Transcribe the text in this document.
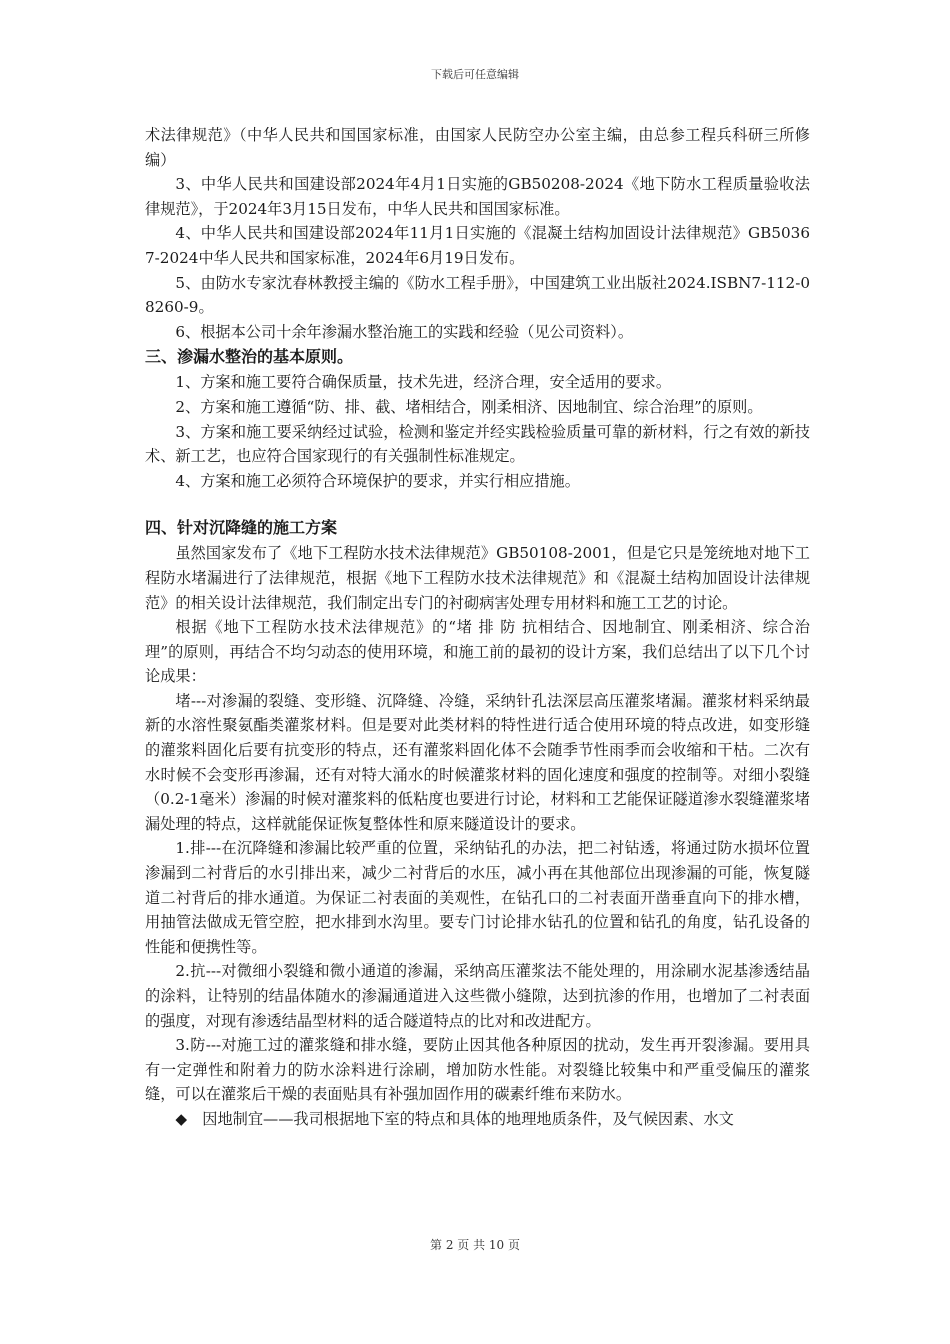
下载后可任意编辑

术法律规范》（中华人民共和国国家标准，由国家人民防空办公室主编，由总参工程兵科研三所修编）

3、中华人民共和国建设部2024年4月1日实施的GB50208-2024《地下防水工程质量验收法律规范》，于2024年3月15日发布，中华人民共和国国家标准。

4、中华人民共和国建设部2024年11月1日实施的《混凝土结构加固设计法律规范》GB50367-2024中华人民共和国家标准，2024年6月19日发布。

5、由防水专家沈春林教授主编的《防水工程手册》，中国建筑工业出版社2024.ISBN7-112-08260-9。

6、根据本公司十余年渗漏水整治施工的实践和经验（见公司资料）。

三、渗漏水整治的基本原则。

1、方案和施工要符合确保质量，技术先进，经济合理，安全适用的要求。

2、方案和施工遵循“防、排、截、堵相结合，刚柔相济、因地制宜、综合治理”的原则。

3、方案和施工要采纳经过试验，检测和鉴定并经实践检验质量可靠的新材料，行之有效的新技术、新工艺，也应符合国家现行的有关强制性标准规定。

4、方案和施工必须符合环境保护的要求，并实行相应措施。

四、针对沉降缝的施工方案

虽然国家发布了《地下工程防水技术法律规范》GB50108-2001，但是它只是笼统地对地下工程防水堵漏进行了法律规范，根据《地下工程防水技术法律规范》和《混凝土结构加固设计法律规范》的相关设计法律规范，我们制定出专门的衬砌病害处理专用材料和施工工艺的讨论。

根据《地下工程防水技术法律规范》的“堵 排 防 抗相结合、因地制宜、刚柔相济、综合治理”的原则，再结合不均匀动态的使用环境，和施工前的最初的设计方案，我们总结出了以下几个讨论成果：

堵---对渗漏的裂缝、变形缝、沉降缝、冷缝，采纳针孔法深层高压灌浆堵漏。灌浆材料采纳最新的水溶性聚氨酯类灌浆材料。但是要对此类材料的特性进行适合使用环境的特点改进，如变形缝的灌浆料固化后要有抗变形的特点，还有灌浆料固化体不会随季节性雨季而会收缩和干枯。二次有水时候不会变形再渗漏，还有对特大涌水的时候灌浆材料的固化速度和强度的控制等。对细小裂缝（0.2-1毫米）渗漏的时候对灌浆料的低粘度也要进行讨论，材料和工艺能保证隧道渗水裂缝灌浆堵漏处理的特点，这样就能保证恢复整体性和原来隧道设计的要求。

1.排---在沉降缝和渗漏比较严重的位置，采纳钻孔的办法，把二衬钻透，将通过防水损坏位置渗漏到二衬背后的水引排出来，减少二衬背后的水压，减小再在其他部位出现渗漏的可能，恢复隧道二衬背后的排水通道。为保证二衬表面的美观性，在钻孔口的二衬表面开凿垂直向下的排水槽，用抽管法做成无管空腔，把水排到水沟里。要专门讨论排水钻孔的位置和钻孔的角度，钻孔设备的性能和便携性等。

2.抗---对微细小裂缝和微小通道的渗漏，采纳高压灌浆法不能处理的，用涂刷水泥基渗透结晶的涂料，让特别的结晶体随水的渗漏通道进入这些微小缝隙，达到抗渗的作用，也增加了二衬表面的强度，对现有渗透结晶型材料的适合隧道特点的比对和改进配方。

3.防---对施工过的灌浆缝和排水缝，要防止因其他各种原因的扰动，发生再开裂渗漏。要用具有一定弹性和附着力的防水涂料进行涂刷，增加防水性能。对裂缝比较集中和严重受偏压的灌浆缝，可以在灌浆后干燥的表面贴具有补强加固作用的碳素纤维布来防水。

◆　因地制宜——我司根据地下室的特点和具体的地理地质条件，及气候因素、水文

第 2 页 共 10 页
